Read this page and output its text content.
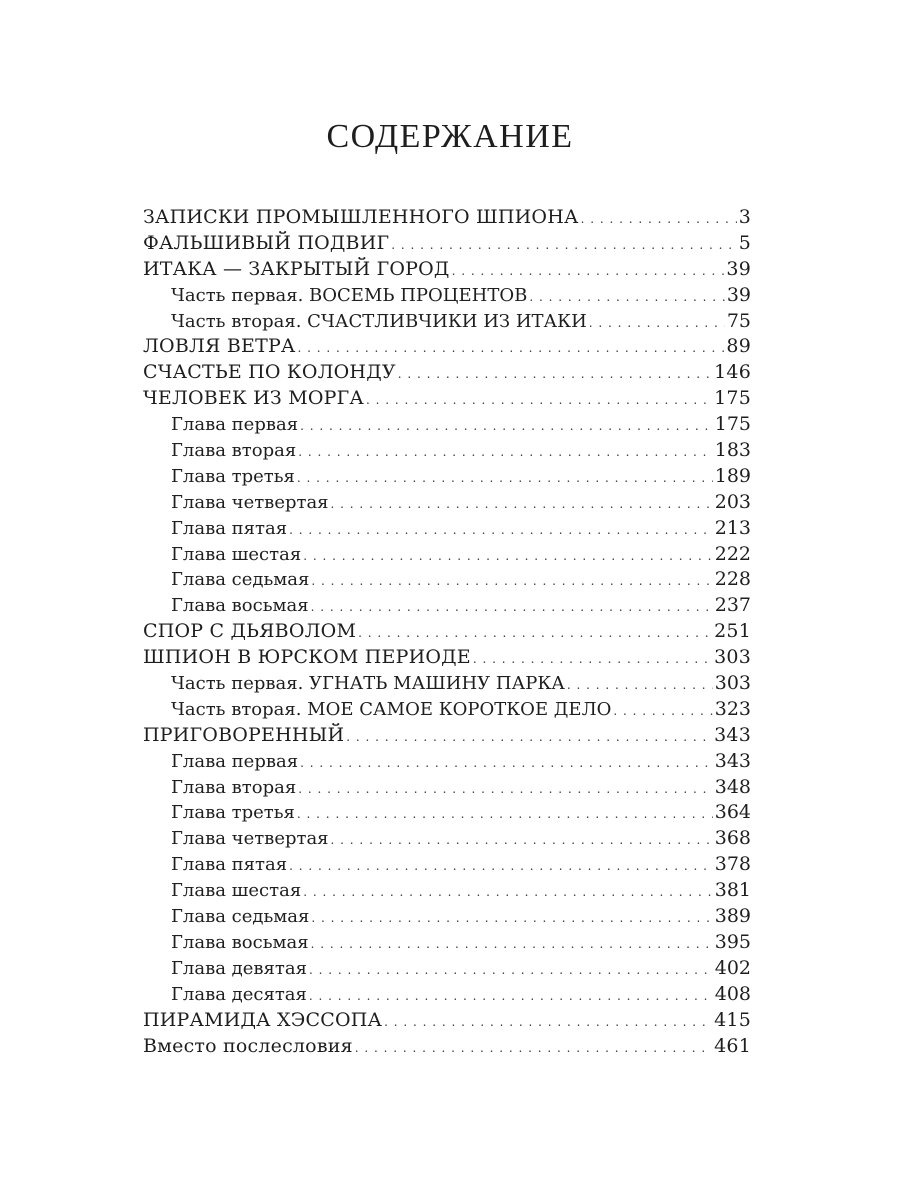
СОДЕРЖАНИЕ
ЗАПИСКИ ПРОМЫШЛЕННОГО ШПИОНА . . .	3
ФАЛЬШИВЫЙ ПОДВИГ . . .	5
ИТАКА — ЗАКРЫТЫЙ ГОРОД . . .	39
Часть первая. ВОСЕМЬ ПРОЦЕНТОВ . . .	39
Часть вторая. СЧАСТЛИВЧИКИ ИЗ ИТАКИ . . .	75
ЛОВЛЯ ВЕТРА . . .	89
СЧАСТЬЕ ПО КОЛОНДУ . . .	146
ЧЕЛОВЕК ИЗ МОРГА . . .	175
Глава первая . . .	175
Глава вторая . . .	183
Глава третья . . .	189
Глава четвертая . . .	203
Глава пятая . . .	213
Глава шестая . . .	222
Глава седьмая . . .	228
Глава восьмая . . .	237
СПОР С ДЬЯВОЛОМ . . .	251
ШПИОН В ЮРСКОМ ПЕРИОДЕ . . .	303
Часть первая. УГНАТЬ МАШИНУ ПАРКА . . .	303
Часть вторая. МОЕ САМОЕ КОРОТКОЕ ДЕЛО . . .	323
ПРИГОВОРЕННЫЙ . . .	343
Глава первая . . .	343
Глава вторая . . .	348
Глава третья . . .	364
Глава четвертая . . .	368
Глава пятая . . .	378
Глава шестая . . .	381
Глава седьмая . . .	389
Глава восьмая . . .	395
Глава девятая . . .	402
Глава десятая . . .	408
ПИРАМИДА ХЭССОПА . . .	415
Вместо послесловия . . .	461
